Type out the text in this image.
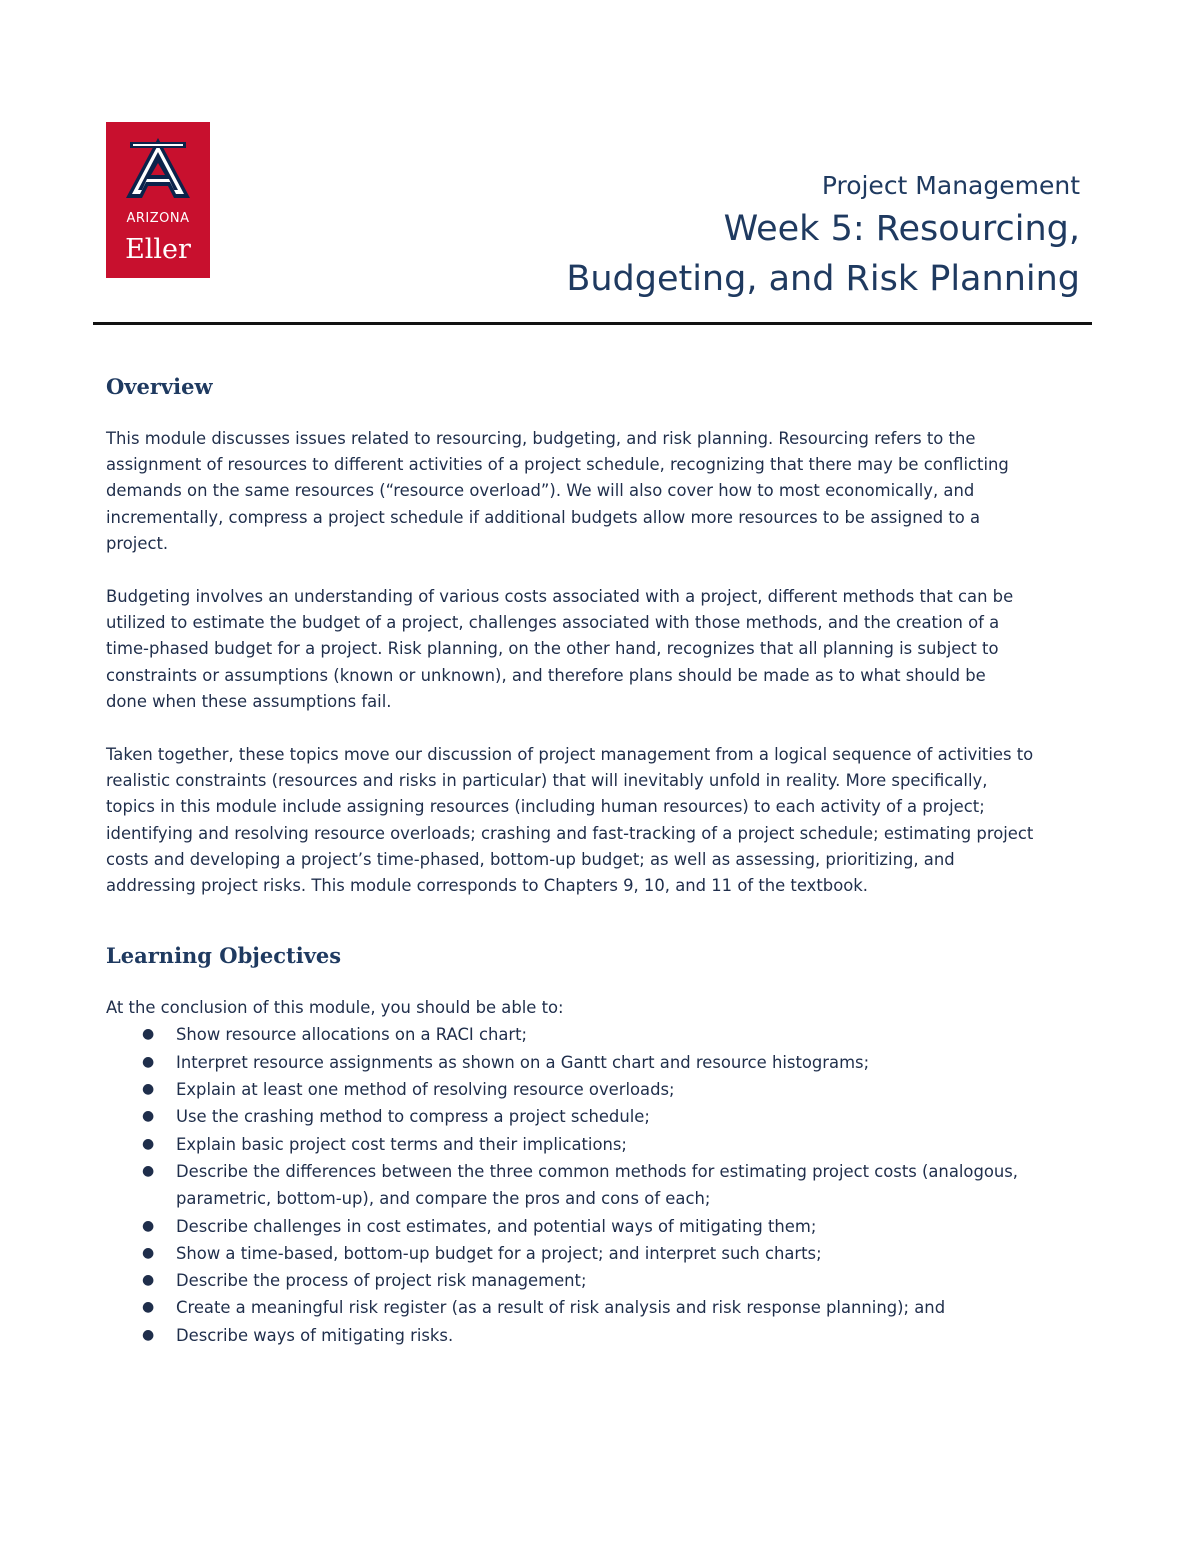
ARIZONA
Eller
Project Management
Week 5: Resourcing,
Budgeting, and Risk Planning
Overview

This module discusses issues related to resourcing, budgeting, and risk planning. Resourcing refers to the
assignment of resources to different activities of a project schedule, recognizing that there may be conflicting
demands on the same resources (“resource overload”). We will also cover how to most economically, and
incrementally, compress a project schedule if additional budgets allow more resources to be assigned to a
project.

Budgeting involves an understanding of various costs associated with a project, different methods that can be
utilized to estimate the budget of a project, challenges associated with those methods, and the creation of a
time-phased budget for a project. Risk planning, on the other hand, recognizes that all planning is subject to
constraints or assumptions (known or unknown), and therefore plans should be made as to what should be
done when these assumptions fail.

Taken together, these topics move our discussion of project management from a logical sequence of activities to
realistic constraints (resources and risks in particular) that will inevitably unfold in reality. More specifically,
topics in this module include assigning resources (including human resources) to each activity of a project;
identifying and resolving resource overloads; crashing and fast-tracking of a project schedule; estimating project
costs and developing a project’s time-phased, bottom-up budget; as well as assessing, prioritizing, and
addressing project risks. This module corresponds to Chapters 9, 10, and 11 of the textbook.

Learning Objectives

At the conclusion of this module, you should be able to:

● Show resource allocations on a RACI chart;
● Interpret resource assignments as shown on a Gantt chart and resource histograms;
● Explain at least one method of resolving resource overloads;
● Use the crashing method to compress a project schedule;
● Explain basic project cost terms and their implications;
● Describe the differences between the three common methods for estimating project costs (analogous,
parametric, bottom-up), and compare the pros and cons of each;
● Describe challenges in cost estimates, and potential ways of mitigating them;
● Show a time-based, bottom-up budget for a project; and interpret such charts;
● Describe the process of project risk management;
● Create a meaningful risk register (as a result of risk analysis and risk response planning); and
● Describe ways of mitigating risks.
